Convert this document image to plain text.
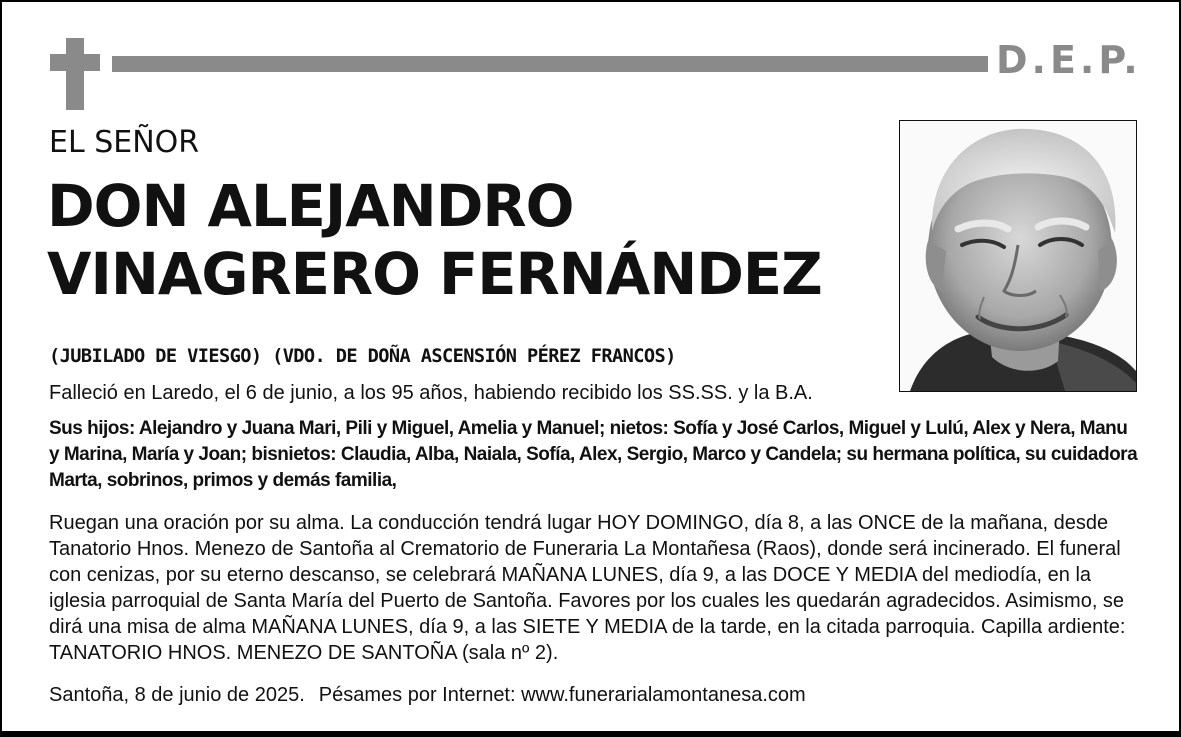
D.E.P.
EL SEÑOR
DON ALEJANDRO
VINAGRERO FERNÁNDEZ
(JUBILADO DE VIESGO) (VDO. DE DOÑA ASCENSIÓN PÉREZ FRANCOS)
Falleció en Laredo, el 6 de junio, a los 95 años, habiendo recibido los SS.SS. y la B.A.
Sus hijos: Alejandro y Juana Mari, Pili y Miguel, Amelia y Manuel; nietos: Sofía y José Carlos, Miguel y Lulú, Alex y Nera, Manu y Marina, María y Joan; bisnietos: Claudia, Alba, Naiala, Sofía, Alex, Sergio, Marco y Candela; su hermana política, su cuidadora Marta, sobrinos, primos y demás familia,
Ruegan una oración por su alma. La conducción tendrá lugar HOY DOMINGO, día 8, a las ONCE de la mañana, desde Tanatorio Hnos. Menezo de Santoña al Crematorio de Funeraria La Montañesa (Raos), donde será incinerado. El funeral con cenizas, por su eterno descanso, se celebrará MAÑANA LUNES, día 9, a las DOCE Y MEDIA del mediodía, en la iglesia parroquial de Santa María del Puerto de Santoña. Favores por los cuales les quedarán agradecidos. Asimismo, se dirá una misa de alma MAÑANA LUNES, día 9, a las SIETE Y MEDIA de la tarde, en la citada parroquia. Capilla ardiente: TANATORIO HNOS. MENEZO DE SANTOÑA (sala nº 2).
Santoña, 8 de junio de 2025. Pésames por Internet: www.funerarialamontanesa.com
